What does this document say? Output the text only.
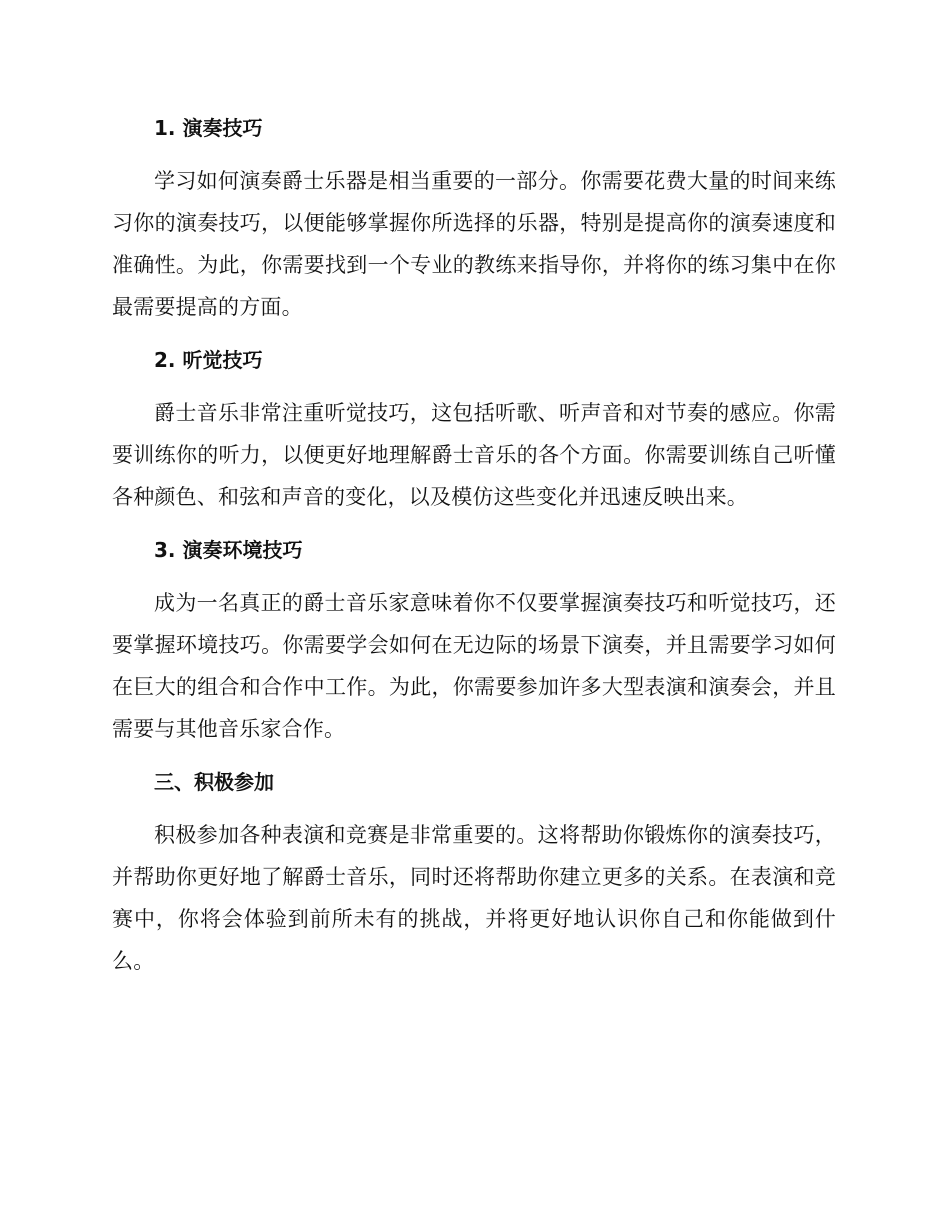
1. 演奏技巧

学习如何演奏爵士乐器是相当重要的一部分。你需要花费大量的时间来练习你的演奏技巧，以便能够掌握你所选择的乐器，特别是提高你的演奏速度和准确性。为此，你需要找到一个专业的教练来指导你，并将你的练习集中在你最需要提高的方面。

2. 听觉技巧

爵士音乐非常注重听觉技巧，这包括听歌、听声音和对节奏的感应。你需要训练你的听力，以便更好地理解爵士音乐的各个方面。你需要训练自己听懂各种颜色、和弦和声音的变化，以及模仿这些变化并迅速反映出来。

3. 演奏环境技巧

成为一名真正的爵士音乐家意味着你不仅要掌握演奏技巧和听觉技巧，还要掌握环境技巧。你需要学会如何在无边际的场景下演奏，并且需要学习如何在巨大的组合和合作中工作。为此，你需要参加许多大型表演和演奏会，并且需要与其他音乐家合作。

三、积极参加

积极参加各种表演和竞赛是非常重要的。这将帮助你锻炼你的演奏技巧，并帮助你更好地了解爵士音乐，同时还将帮助你建立更多的关系。在表演和竞赛中，你将会体验到前所未有的挑战，并将更好地认识你自己和你能做到什么。
